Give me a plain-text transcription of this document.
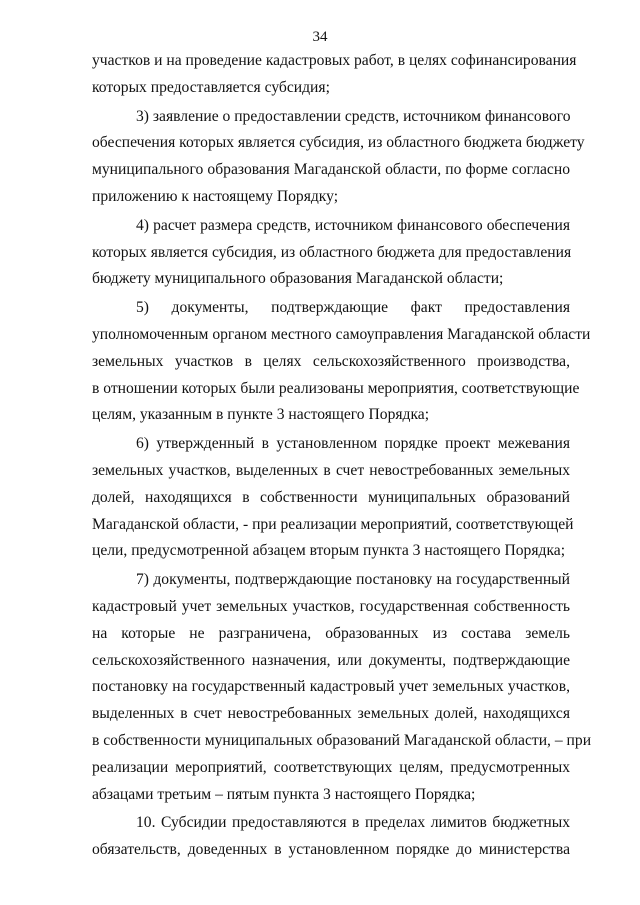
34
участков и на проведение кадастровых работ, в целях софинансирования
которых предоставляется субсидия;
3) заявление о предоставлении средств, источником финансового
обеспечения которых является субсидия, из областного бюджета бюджету
муниципального образования Магаданской области, по форме согласно
приложению к настоящему Порядку;
4) расчет размера средств, источником финансового обеспечения
которых является субсидия, из областного бюджета для предоставления
бюджету муниципального образования Магаданской области;
5) документы, подтверждающие факт предоставления
уполномоченным органом местного самоуправления Магаданской области
земельных участков в целях сельскохозяйственного производства,
в отношении которых были реализованы мероприятия, соответствующие
целям, указанным в пункте 3 настоящего Порядка;
6) утвержденный в установленном порядке проект межевания
земельных участков, выделенных в счет невостребованных земельных
долей, находящихся в собственности муниципальных образований
Магаданской области, - при реализации мероприятий, соответствующей
цели, предусмотренной абзацем вторым пункта 3 настоящего Порядка;
7) документы, подтверждающие постановку на государственный
кадастровый учет земельных участков, государственная собственность
на которые не разграничена, образованных из состава земель
сельскохозяйственного назначения, или документы, подтверждающие
постановку на государственный кадастровый учет земельных участков,
выделенных в счет невостребованных земельных долей, находящихся
в собственности муниципальных образований Магаданской области, – при
реализации мероприятий, соответствующих целям, предусмотренных
абзацами третьим – пятым пункта 3 настоящего Порядка;
10. Субсидии предоставляются в пределах лимитов бюджетных
обязательств, доведенных в установленном порядке до министерства
